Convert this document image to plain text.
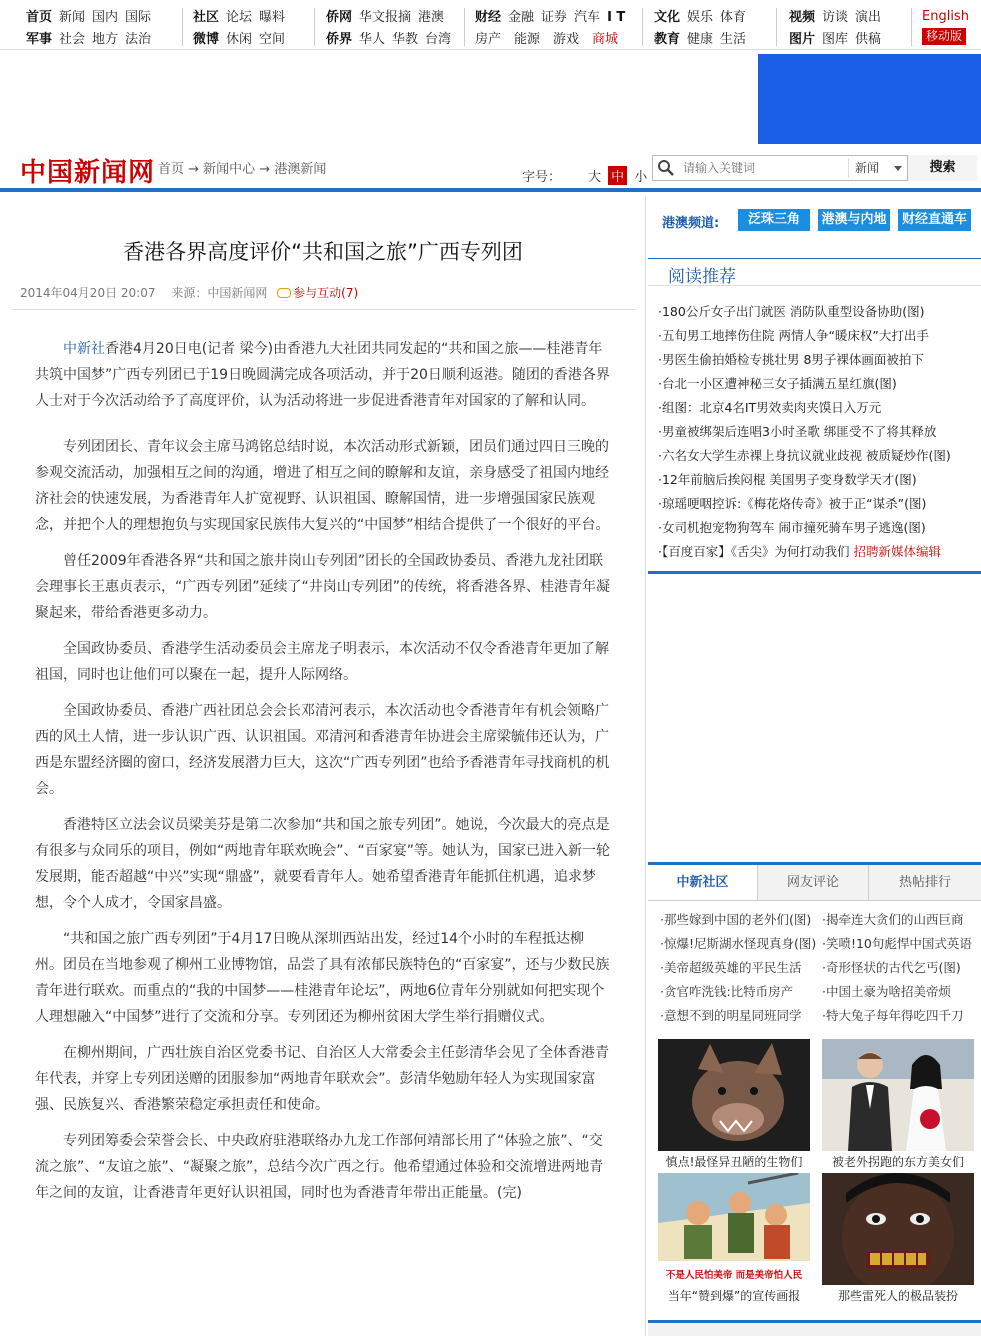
首页 新闻 国内 国际
军事 社会 地方 法治
社区 论坛 曝料
微博 休闲 空间
侨网 华文报摘 港澳
侨界 华人 华教 台湾
财经 金融 证券 汽车 I T
房产 能源 游戏 商城
文化 娱乐 体育
教育 健康 生活
视频 访谈 演出
图片 图库 供稿
English
移动版
中国新闻网 首页 → 新闻中心 → 港澳新闻
字号： 大 中 小
请输入关键词
新闻	搜索
香港各界高度评价“共和国之旅”广西专列团
2014年04月20日 20:07 来源：中国新闻网 参与互动(7)

中新社香港4月20日电(记者 梁今)由香港九大社团共同发起的“共和国之旅——桂港青年共筑中国梦”广西专列团已于19日晚圆满完成各项活动，并于20日顺利返港。随团的香港各界人士对于今次活动给予了高度评价，认为活动将进一步促进香港青年对国家的了解和认同。

专列团团长、青年议会主席马鸿铭总结时说，本次活动形式新颖，团员们通过四日三晚的参观交流活动，加强相互之间的沟通，增进了相互之间的瞭解和友谊，亲身感受了祖国内地经济社会的快速发展，为香港青年人扩宽视野、认识祖国、瞭解国情，进一步增强国家民族观念，并把个人的理想抱负与实现国家民族伟大复兴的“中国梦”相结合提供了一个很好的平台。

曾任2009年香港各界“共和国之旅井岗山专列团”团长的全国政协委员、香港九龙社团联会理事长王惠贞表示，“广西专列团”延续了“井岗山专列团”的传统，将香港各界、桂港青年凝聚起来，带给香港更多动力。

全国政协委员、香港学生活动委员会主席龙子明表示，本次活动不仅令香港青年更加了解祖国，同时也让他们可以聚在一起，提升人际网络。

全国政协委员、香港广西社团总会会长邓清河表示，本次活动也令香港青年有机会领略广西的风土人情，进一步认识广西、认识祖国。邓清河和香港青年协进会主席梁毓伟还认为，广西是东盟经济圈的窗口，经济发展潜力巨大，这次“广西专列团”也给予香港青年寻找商机的机会。

香港特区立法会议员梁美芬是第二次参加“共和国之旅专列团”。她说，今次最大的亮点是有很多与众同乐的项目，例如“两地青年联欢晚会”、“百家宴”等。她认为，国家已进入新一轮发展期，能否超越“中兴”实现“鼎盛”，就要看青年人。她希望香港青年能抓住机遇，追求梦想，令个人成才，令国家昌盛。

“共和国之旅广西专列团”于4月17日晚从深圳西站出发，经过14个小时的车程抵达柳州。团员在当地参观了柳州工业博物馆，品尝了具有浓郁民族特色的“百家宴”，还与少数民族青年进行联欢。而重点的“我的中国梦——桂港青年论坛”，两地6位青年分别就如何把实现个人理想融入“中国梦”进行了交流和分享。专列团还为柳州贫困大学生举行捐赠仪式。

在柳州期间，广西壮族自治区党委书记、自治区人大常委会主任彭清华会见了全体香港青年代表，并穿上专列团送赠的团服参加“两地青年联欢会”。彭清华勉励年轻人为实现国家富强、民族复兴、香港繁荣稳定承担责任和使命。

专列团筹委会荣誉会长、中央政府驻港联络办九龙工作部何靖部长用了“体验之旅”、“交流之旅”、“友谊之旅”、“凝聚之旅”，总结今次广西之行。他希望通过体验和交流增进两地青年之间的友谊，让香港青年更好认识祖国，同时也为香港青年带出正能量。(完)

港澳频道:	泛珠三角	港澳与内地	财经直通车
阅读推荐
·180公斤女子出门就医 消防队重型设备协助(图)
·五旬男工地摔伤住院 两情人争“暖床权”大打出手
·男医生偷拍婚检专挑壮男 8男子裸体画面被拍下
·台北一小区遭神秘三女子插满五星红旗(图)
·组图：北京4名IT男效卖肉夹馍日入万元
·男童被绑架后连唱3小时圣歌 绑匪受不了将其释放
·六名女大学生赤裸上身抗议就业歧视 被质疑炒作(图)
·12年前脑后挨闷棍 美国男子变身数学天才(图)
·琼瑶哽咽控诉:《梅花烙传奇》被于正“谋杀”(图)
·女司机抱宠物狗驾车 闹市撞死骑车男子逃逸(图)
·【百度百家】《舌尖》为何打动我们 招聘新媒体编辑
中新社区	网友评论	热帖排行
·那些嫁到中国的老外们(图) ·揭牵连大贪们的山西巨商
·惊爆!尼斯湖水怪现真身(图) ·笑喷!10句彪悍中国式英语
·美帝超级英雄的平民生活	·奇形怪状的古代乞丐(图)
·贪官咋洗钱:比特币房产	·中国土豪为啥招美帝烦
·意想不到的明星同班同学	·特大兔子每年得吃四千刀
慎点!最怪异丑陋的生物们	被老外拐跑的东方美女们
不是人民怕美帝 而是美帝怕人民
当年“赞到爆”的宣传画报	那些雷死人的极品装扮
